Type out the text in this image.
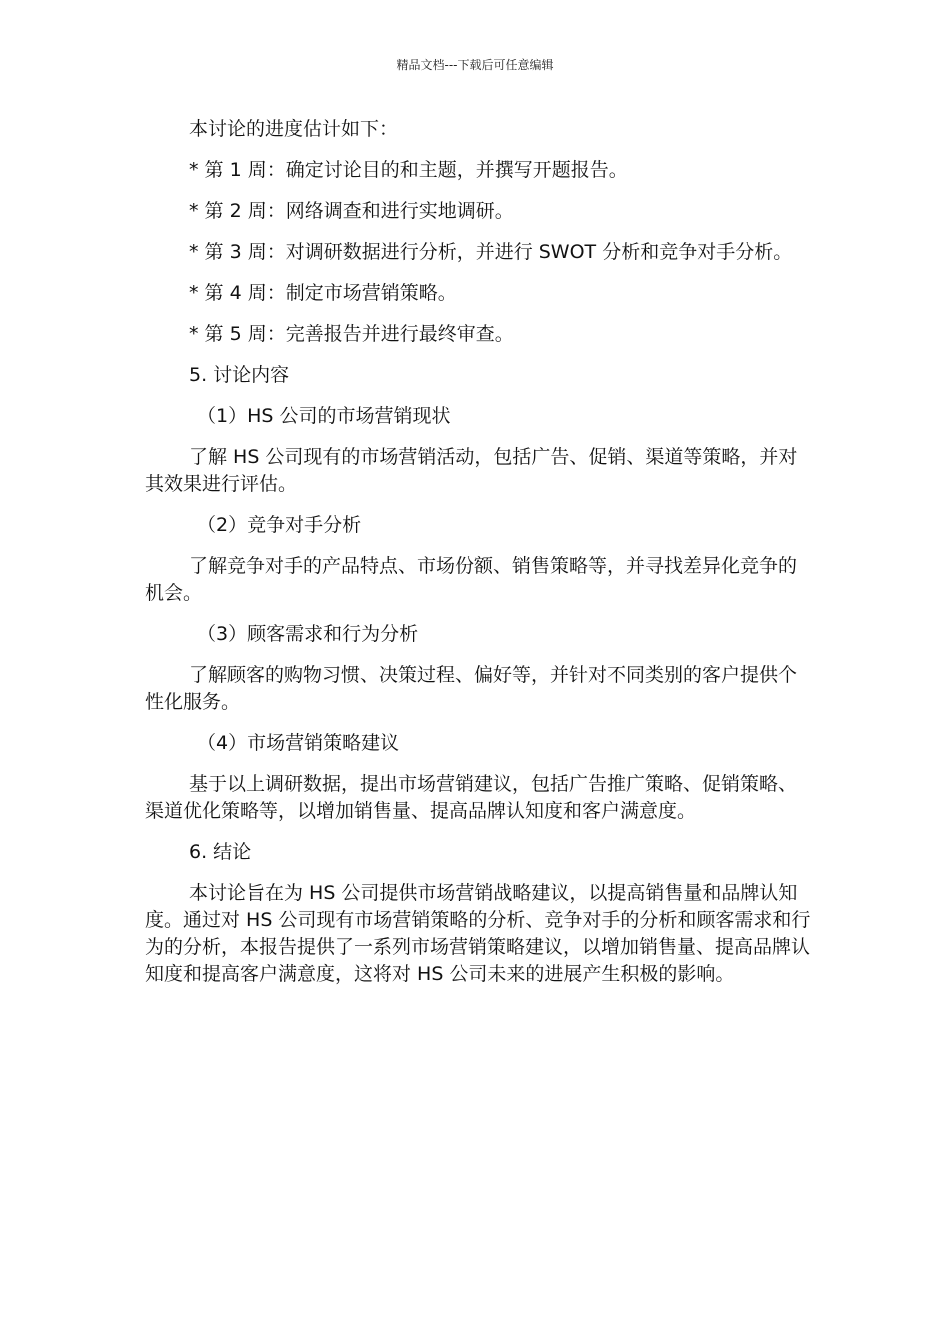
精品文档---下载后可任意编辑

本讨论的进度估计如下：

* 第 1 周：确定讨论目的和主题，并撰写开题报告。

* 第 2 周：网络调查和进行实地调研。

* 第 3 周：对调研数据进行分析，并进行 SWOT 分析和竞争对手分析。

* 第 4 周：制定市场营销策略。

* 第 5 周：完善报告并进行最终审查。

5. 讨论内容

（1）HS 公司的市场营销现状

了解 HS 公司现有的市场营销活动，包括广告、促销、渠道等策略，并对其效果进行评估。

（2）竞争对手分析

了解竞争对手的产品特点、市场份额、销售策略等，并寻找差异化竞争的机会。

（3）顾客需求和行为分析

了解顾客的购物习惯、决策过程、偏好等，并针对不同类别的客户提供个性化服务。

（4）市场营销策略建议

基于以上调研数据，提出市场营销建议，包括广告推广策略、促销策略、渠道优化策略等，以增加销售量、提高品牌认知度和客户满意度。

6. 结论

本讨论旨在为 HS 公司提供市场营销战略建议，以提高销售量和品牌认知度。通过对 HS 公司现有市场营销策略的分析、竞争对手的分析和顾客需求和行为的分析，本报告提供了一系列市场营销策略建议，以增加销售量、提高品牌认知度和提高客户满意度，这将对 HS 公司未来的进展产生积极的影响。
